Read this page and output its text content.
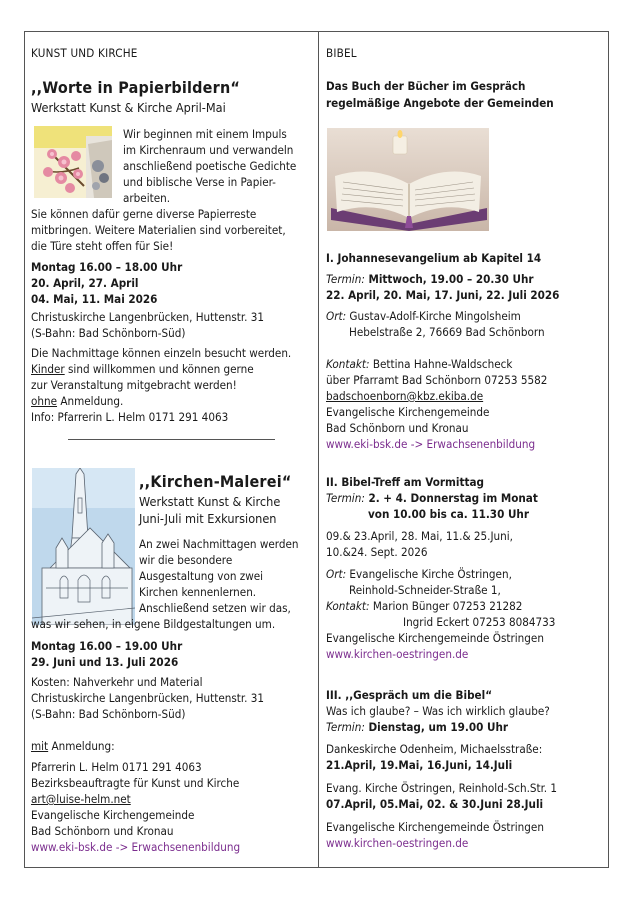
KUNST UND KIRCHE
,,Worte in Papierbildern“
Werkstatt Kunst & Kirche April-Mai
Wir beginnen mit einem Impuls
im Kirchenraum und verwandeln
anschließend poetische Gedichte
und biblische Verse in Papier-
arbeiten.
Sie können dafür gerne diverse Papierreste
mitbringen. Weitere Materialien sind vorbereitet,
die Türe steht offen für Sie!
Montag 16.00 – 18.00 Uhr
20. April, 27. April
04. Mai, 11. Mai 2026
Christuskirche Langenbrücken, Huttenstr. 31
(S-Bahn: Bad Schönborn-Süd)
Die Nachmittage können einzeln besucht werden.
Kinder sind willkommen und können gerne
zur Veranstaltung mitgebracht werden!
ohne Anmeldung.
Info: Pfarrerin L. Helm 0171 291 4063
,,Kirchen-Malerei“
Werkstatt Kunst & Kirche
Juni-Juli mit Exkursionen
An zwei Nachmittagen werden
wir die besondere
Ausgestaltung von zwei
Kirchen kennenlernen.
Anschließend setzen wir das,
was wir sehen, in eigene Bildgestaltungen um.
Montag 16.00 – 19.00 Uhr
29. Juni und 13. Juli 2026
Kosten: Nahverkehr und Material
Christuskirche Langenbrücken, Huttenstr. 31
(S-Bahn: Bad Schönborn-Süd)
mit Anmeldung:
Pfarrerin L. Helm 0171 291 4063
Bezirksbeauftragte für Kunst und Kirche
art@luise-helm.net
Evangelische Kirchengemeinde
Bad Schönborn und Kronau
www.eki-bsk.de -> Erwachsenenbildung
BIBEL
Das Buch der Bücher im Gespräch
regelmäßige Angebote der Gemeinden
I. Johannesevangelium ab Kapitel 14
Termin: Mittwoch, 19.00 – 20.30 Uhr
22. April, 20. Mai, 17. Juni, 22. Juli 2026
Ort: Gustav-Adolf-Kirche Mingolsheim
Hebelstraße 2, 76669 Bad Schönborn
Kontakt: Bettina Hahne-Waldscheck
über Pfarramt Bad Schönborn 07253 5582
badschoenborn@kbz.ekiba.de
Evangelische Kirchengemeinde
Bad Schönborn und Kronau
www.eki-bsk.de -> Erwachsenenbildung
II. Bibel-Treff am Vormittag
Termin: 2. + 4. Donnerstag im Monat
von 10.00 bis ca. 11.30 Uhr
09.& 23.April, 28. Mai, 11.& 25.Juni,
10.&24. Sept. 2026
Ort: Evangelische Kirche Östringen,
Reinhold-Schneider-Straße 1,
Kontakt: Marion Bünger 07253 21282
Ingrid Eckert 07253 8084733
Evangelische Kirchengemeinde Östringen
www.kirchen-oestringen.de
III. ,,Gespräch um die Bibel“
Was ich glaube? – Was ich wirklich glaube?
Termin: Dienstag, um 19.00 Uhr
Dankeskirche Odenheim, Michaelsstraße:
21.April, 19.Mai, 16.Juni, 14.Juli
Evang. Kirche Östringen, Reinhold-Sch.Str. 1
07.April, 05.Mai, 02. & 30.Juni 28.Juli
Evangelische Kirchengemeinde Östringen
www.kirchen-oestringen.de
